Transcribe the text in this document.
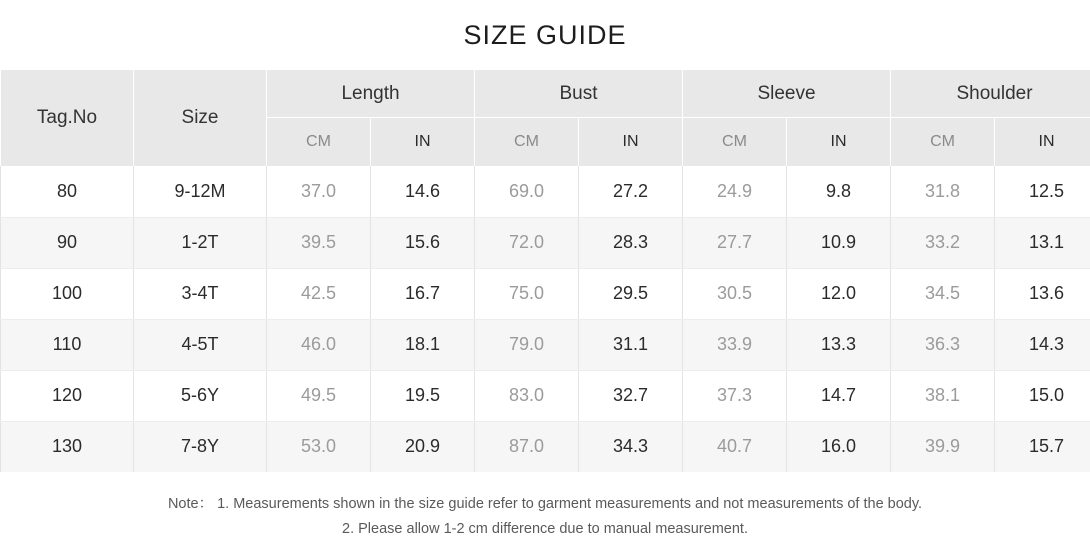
SIZE GUIDE
Tag.No	Size	Length		Bust		Sleeve		Shoulder	
		CM	IN	CM	IN	CM	IN	CM	IN
80	9-12M	37.0	14.6	69.0	27.2	24.9	9.8	31.8	12.5
90	1-2T	39.5	15.6	72.0	28.3	27.7	10.9	33.2	13.1
100	3-4T	42.5	16.7	75.0	29.5	30.5	12.0	34.5	13.6
110	4-5T	46.0	18.1	79.0	31.1	33.9	13.3	36.3	14.3
120	5-6Y	49.5	19.5	83.0	32.7	37.3	14.7	38.1	15.0
130	7-8Y	53.0	20.9	87.0	34.3	40.7	16.0	39.9	15.7
Note： 1. Measurements shown in the size guide refer to garment measurements and not measurements of the body.
2. Please allow 1-2 cm difference due to manual measurement.
